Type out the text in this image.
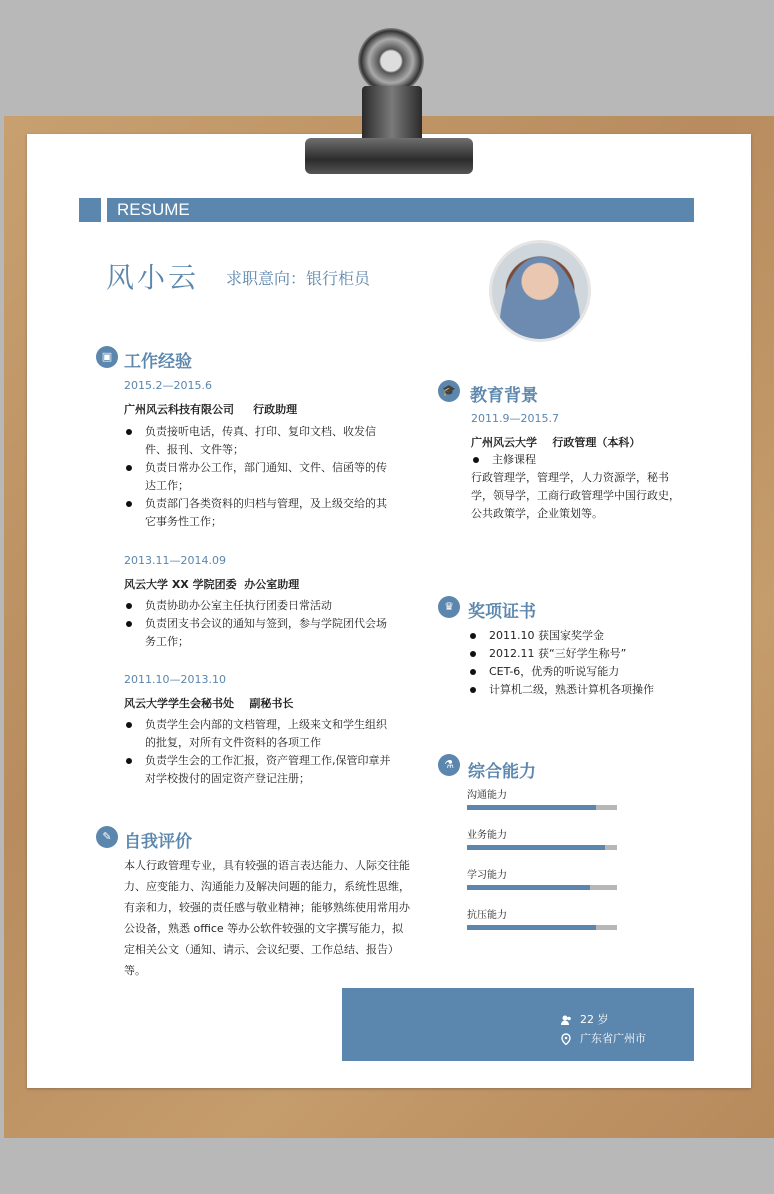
RESUME
风小云 求职意向：银行柜员
▣ 工作经验
2015.2—2015.6
广州风云科技有限公司     行政助理
负责接听电话，传真、打印、复印文档、收发信件、报刊、文件等；
负责日常办公工作，部门通知、文件、信函等的传达工作；
负责部门各类资料的归档与管理，及上级交给的其它事务性工作；
2013.11—2014.09
风云大学 XX 学院团委  办公室助理
负责协助办公室主任执行团委日常活动
负责团支书会议的通知与签到，参与学院团代会场务工作；
2011.10—2013.10
风云大学学生会秘书处    副秘书长
负责学生会内部的文档管理，上级来文和学生组织的批复，对所有文件资料的各项工作
负责学生会的工作汇报，资产管理工作,保管印章并对学校拨付的固定资产登记注册；
✎ 自我评价
本人行政管理专业，具有较强的语言表达能力、人际交往能力、应变能力、沟通能力及解决问题的能力，系统性思维，有亲和力，较强的责任感与敬业精神；能够熟练使用常用办公设备，熟悉 office 等办公软件较强的文字撰写能力，拟定相关公文（通知、请示、会议纪要、工作总结、报告）等。
🎓 教育背景
2011.9—2015.7
广州风云大学    行政管理（本科）
主修课程
行政管理学，管理学，人力资源学，秘书学，领导学，工商行政管理学中国行政史，公共政策学，企业策划等。
♛ 奖项证书
2011.10 获国家奖学金
2012.11 获“三好学生称号”
CET-6，优秀的听说写能力
计算机二级，熟悉计算机各项操作
⚗ 综合能力
沟通能力
业务能力
学习能力
抗压能力
22 岁
广东省广州市
